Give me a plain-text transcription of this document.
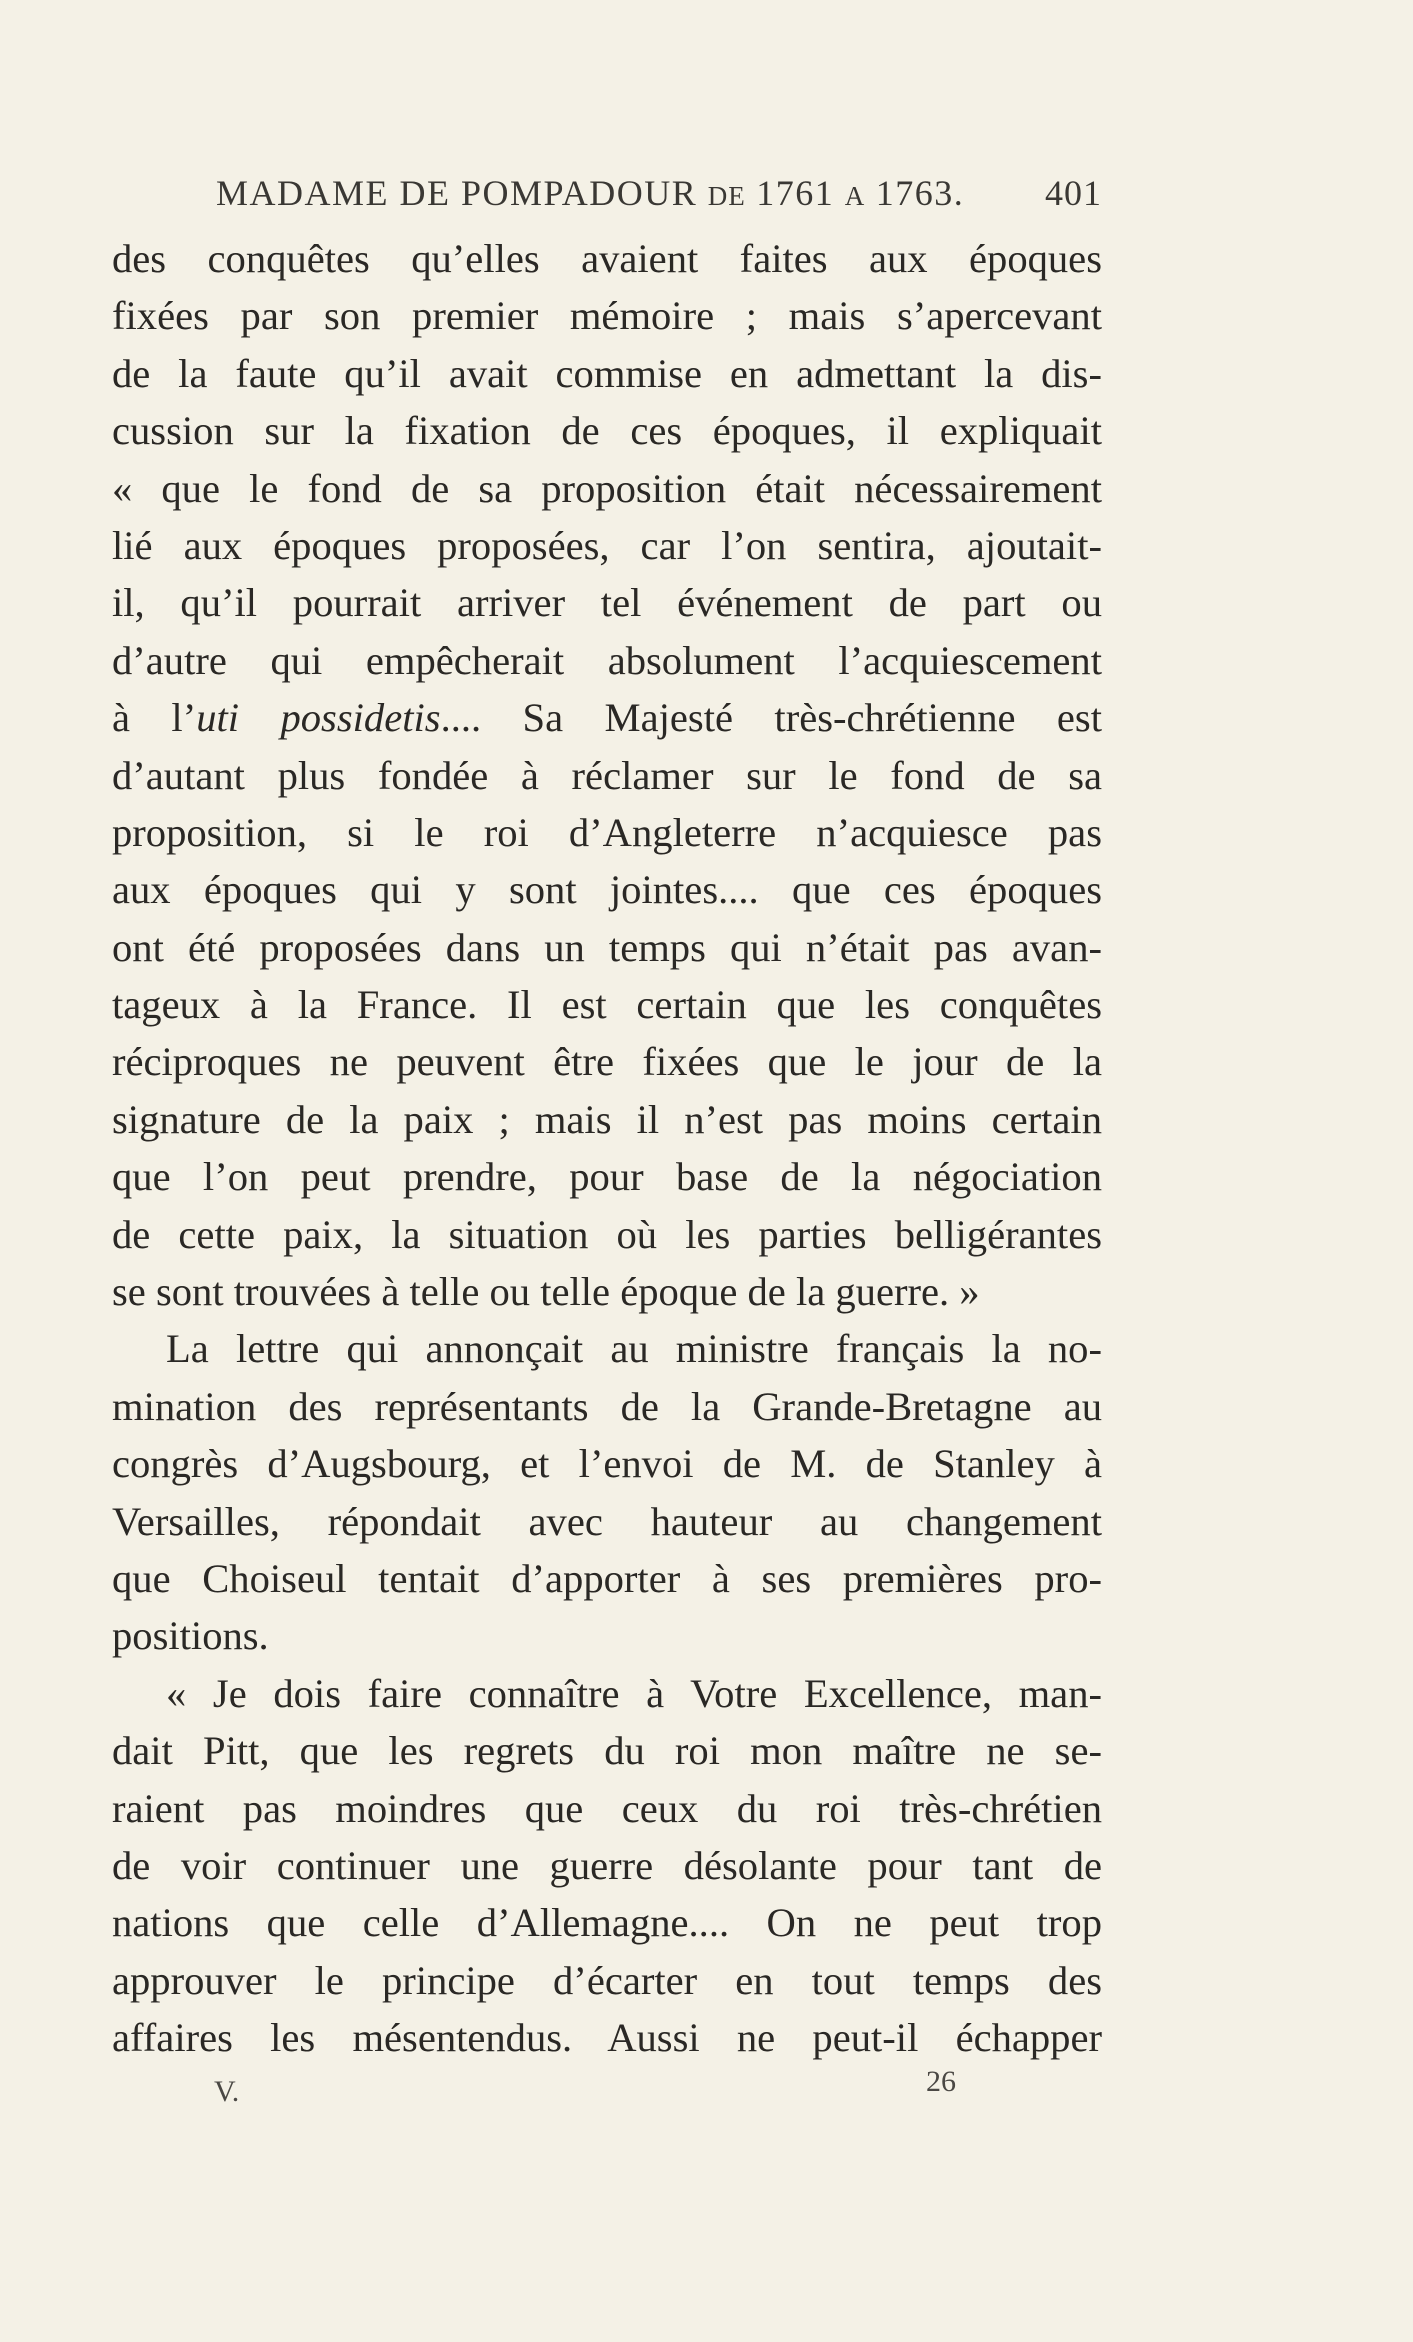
MADAME DE POMPADOUR DE 1761 A 1763. 401
des conquêtes qu’elles avaient faites aux époques
fixées par son premier mémoire ; mais s’apercevant
de la faute qu’il avait commise en admettant la dis-
cussion sur la fixation de ces époques, il expliquait
« que le fond de sa proposition était nécessairement
lié aux époques proposées, car l’on sentira, ajoutait-
il, qu’il pourrait arriver tel événement de part ou
d’autre qui empêcherait absolument l’acquiescement
à l’uti possidetis.... Sa Majesté très-chrétienne est
d’autant plus fondée à réclamer sur le fond de sa
proposition, si le roi d’Angleterre n’acquiesce pas
aux époques qui y sont jointes.... que ces époques
ont été proposées dans un temps qui n’était pas avan-
tageux à la France. Il est certain que les conquêtes
réciproques ne peuvent être fixées que le jour de la
signature de la paix ; mais il n’est pas moins certain
que l’on peut prendre, pour base de la négociation
de cette paix, la situation où les parties belligérantes
se sont trouvées à telle ou telle époque de la guerre. »
La lettre qui annonçait au ministre français la no-
mination des représentants de la Grande-Bretagne au
congrès d’Augsbourg, et l’envoi de M. de Stanley à
Versailles, répondait avec hauteur au changement
que Choiseul tentait d’apporter à ses premières pro-
positions.
« Je dois faire connaître à Votre Excellence, man-
dait Pitt, que les regrets du roi mon maître ne se-
raient pas moindres que ceux du roi très-chrétien
de voir continuer une guerre désolante pour tant de
nations que celle d’Allemagne.... On ne peut trop
approuver le principe d’écarter en tout temps des
affaires les mésentendus. Aussi ne peut-il échapper
V.	26
